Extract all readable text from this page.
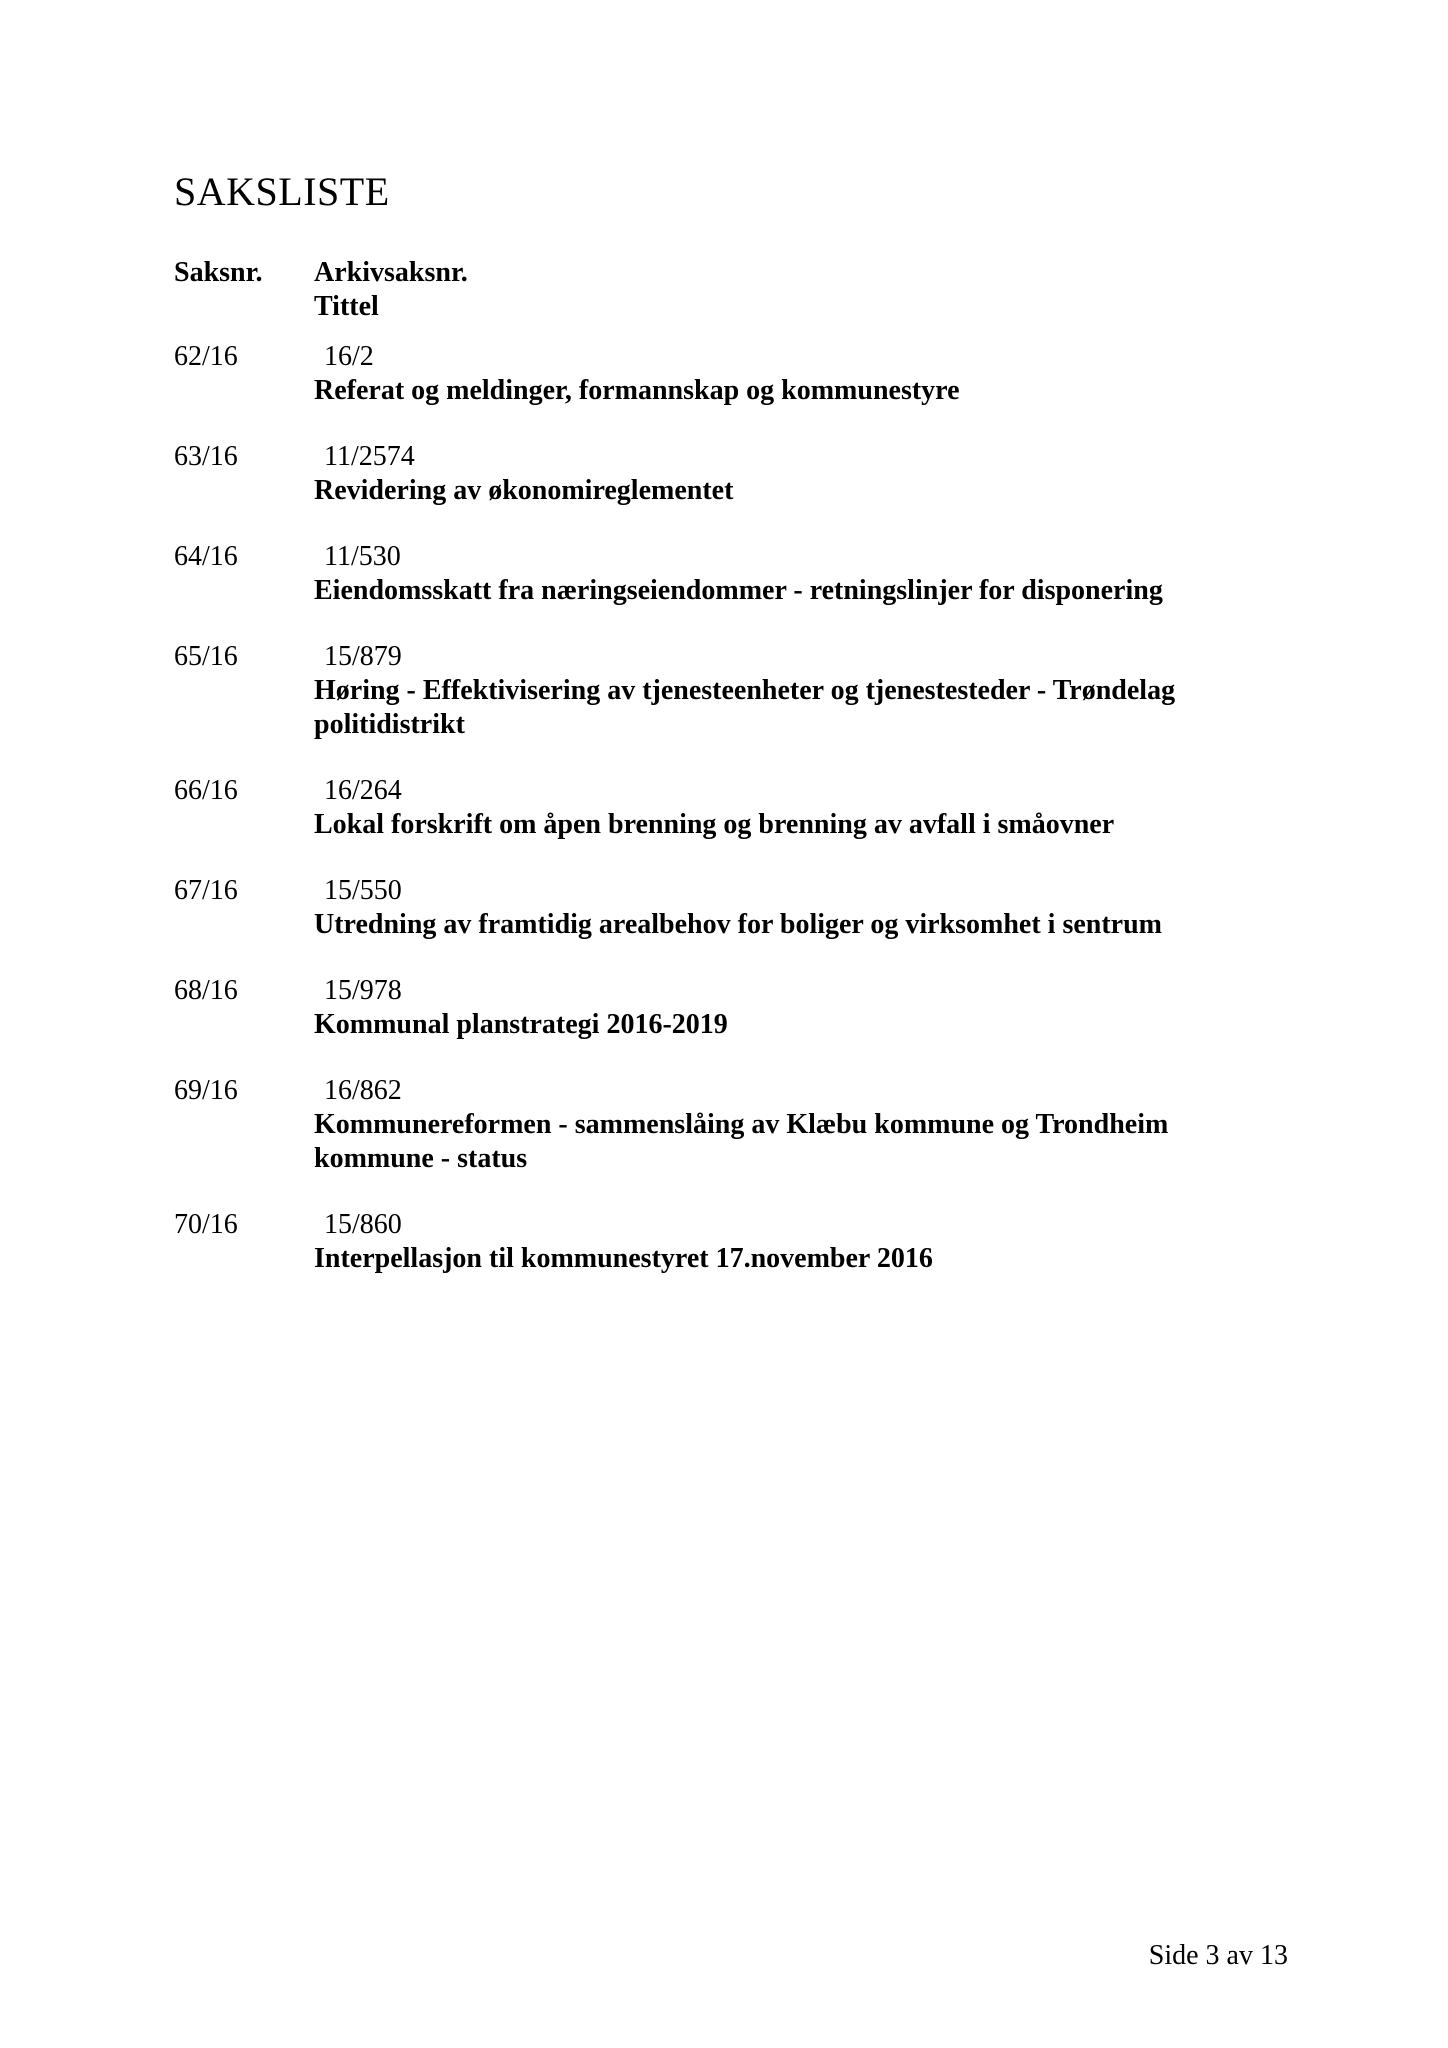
SAKSLISTE
Saksnr. Arkivsaksnr.
Tittel
62/16	16/2
Referat og meldinger, formannskap og kommunestyre
63/16	11/2574
Revidering av økonomireglementet
64/16	11/530
Eiendomsskatt fra næringseiendommer - retningslinjer for disponering
65/16	15/879
Høring - Effektivisering av tjenesteenheter og tjenestesteder - Trøndelag politidistrikt
66/16	16/264
Lokal forskrift om åpen brenning og brenning av avfall i småovner
67/16	15/550
Utredning av framtidig arealbehov for boliger og virksomhet i sentrum
68/16	15/978
Kommunal planstrategi 2016-2019
69/16	16/862
Kommunereformen - sammenslåing av Klæbu kommune og Trondheim kommune - status
70/16	15/860
Interpellasjon til kommunestyret 17.november 2016
Side 3 av 13
